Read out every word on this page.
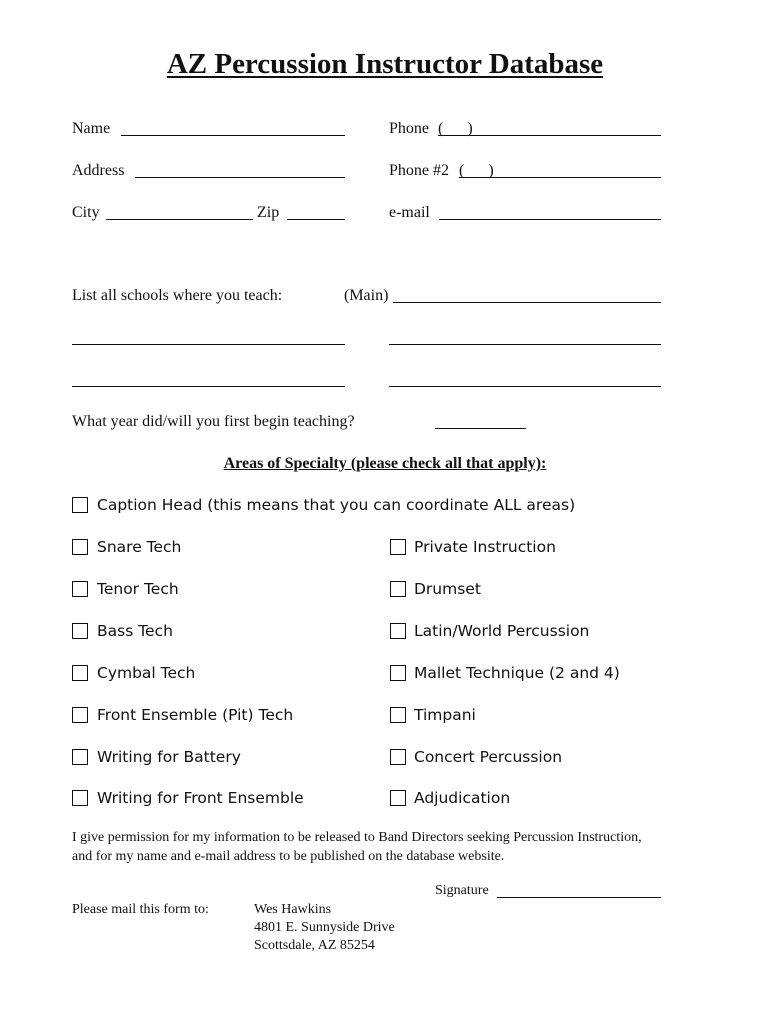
AZ Percussion Instructor Database
Name
Address
City	Zip
Phone (      )
Phone #2 (      )
e-mail
List all schools where you teach:	(Main)
What year did/will you first begin teaching?
Areas of Specialty (please check all that apply):
Caption Head (this means that you can coordinate ALL areas)
Snare Tech
Tenor Tech
Bass Tech
Cymbal Tech
Front Ensemble (Pit) Tech
Writing for Battery
Writing for Front Ensemble
Private Instruction
Drumset
Latin/World Percussion
Mallet Technique (2 and 4)
Timpani
Concert Percussion
Adjudication
I give permission for my information to be released to Band Directors seeking Percussion Instruction,
and for my name and e-mail address to be published on the database website.
Signature
Please mail this form to:	Wes Hawkins
4801 E. Sunnyside Drive
Scottsdale, AZ 85254
